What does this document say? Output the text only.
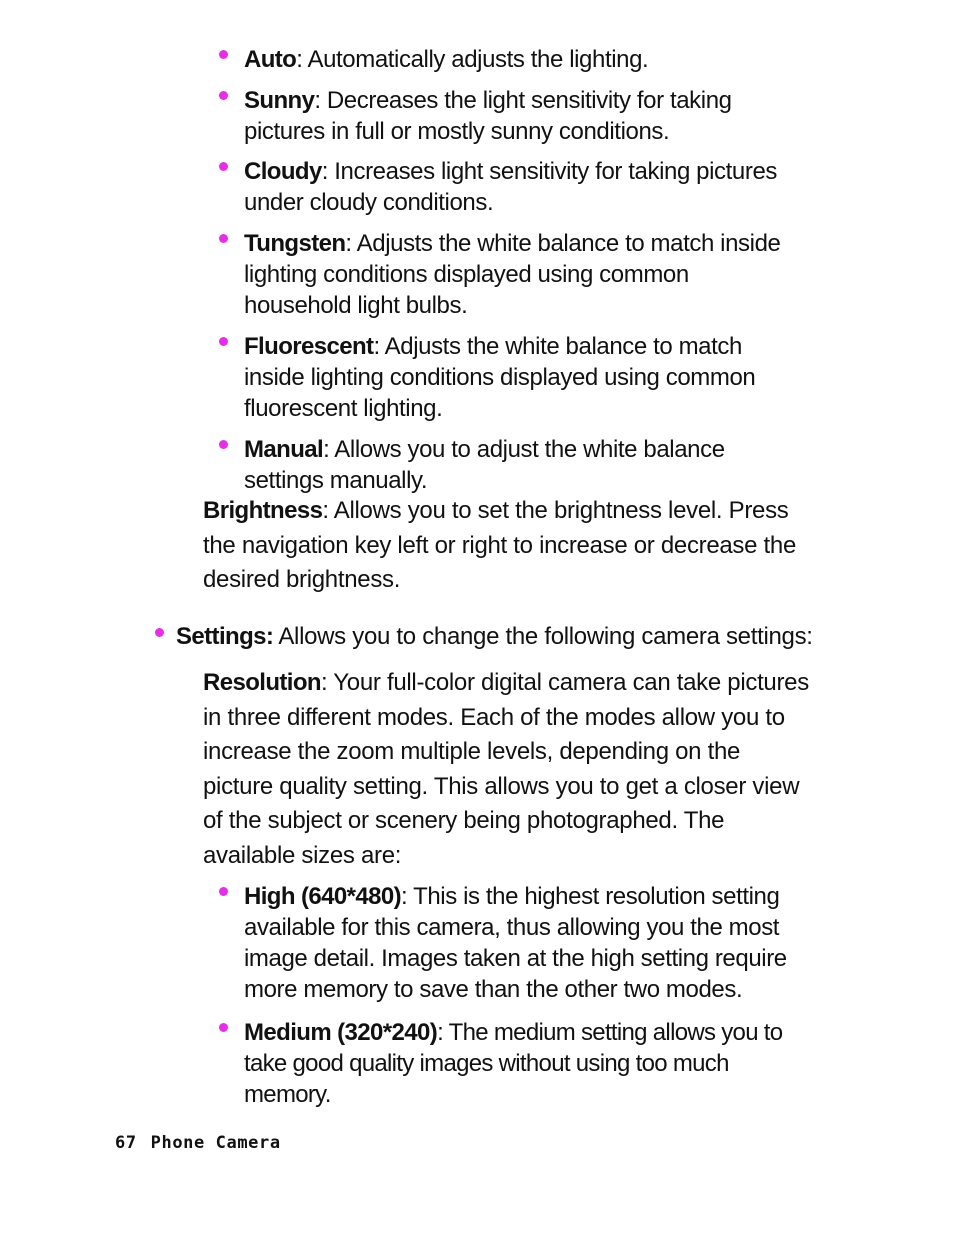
Auto: Automatically adjusts the lighting.
Sunny: Decreases the light sensitivity for taking pictures in full or mostly sunny conditions.
Cloudy: Increases light sensitivity for taking pictures under cloudy conditions.
Tungsten: Adjusts the white balance to match inside lighting conditions displayed using common household light bulbs.
Fluorescent: Adjusts the white balance to match inside lighting conditions displayed using common fluorescent lighting.
Manual: Allows you to adjust the white balance settings manually.
Brightness: Allows you to set the brightness level. Press the navigation key left or right to increase or decrease the desired brightness.
Settings: Allows you to change the following camera settings:
Resolution: Your full-color digital camera can take pictures in three different modes. Each of the modes allow you to increase the zoom multiple levels, depending on the picture quality setting. This allows you to get a closer view of the subject or scenery being photographed. The available sizes are:
High (640*480): This is the highest resolution setting available for this camera, thus allowing you the most image detail. Images taken at the high setting require more memory to save than the other two modes.
Medium (320*240): The medium setting allows you to take good quality images without using too much memory.
67 Phone Camera
